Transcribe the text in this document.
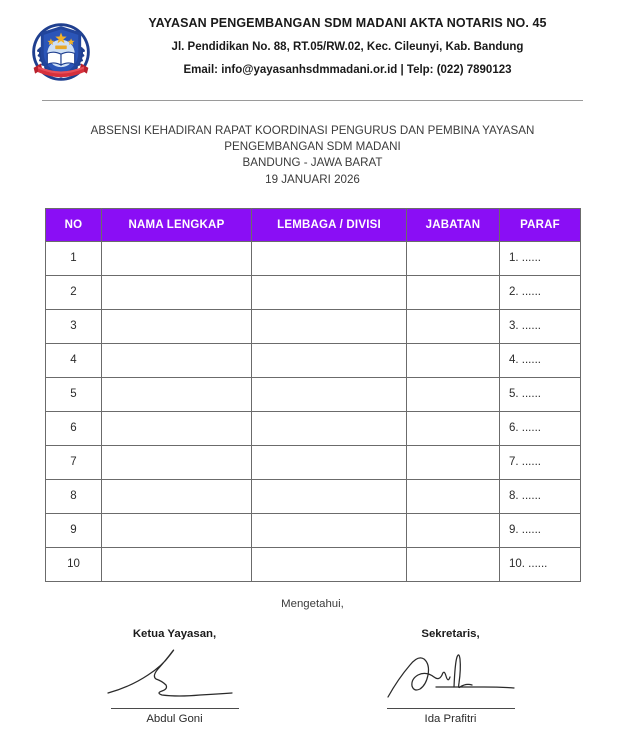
YAYASAN PENGEMBANGAN SDM MADANI AKTA NOTARIS NO. 45
Jl. Pendidikan No. 88, RT.05/RW.02, Kec. Cileunyi, Kab. Bandung
Email: info@yayasanhsdmmadani.or.id | Telp: (022) 7890123
ABSENSI KEHADIRAN RAPAT KOORDINASI PENGURUS DAN PEMBINA YAYASAN
PENGEMBANGAN SDM MADANI
BANDUNG - JAWA BARAT
19 JANUARI 2026
NO	NAMA LENGKAP	LEMBAGA / DIVISI	JABATAN	PARAF
1				1. ......
2				2. ......
3				3. ......
4				4. ......
5				5. ......
6				6. ......
7				7. ......
8				8. ......
9				9. ......
10				10. ......
Mengetahui,
Ketua Yayasan,
Abdul Goni
Sekretaris,
Ida Prafitri
